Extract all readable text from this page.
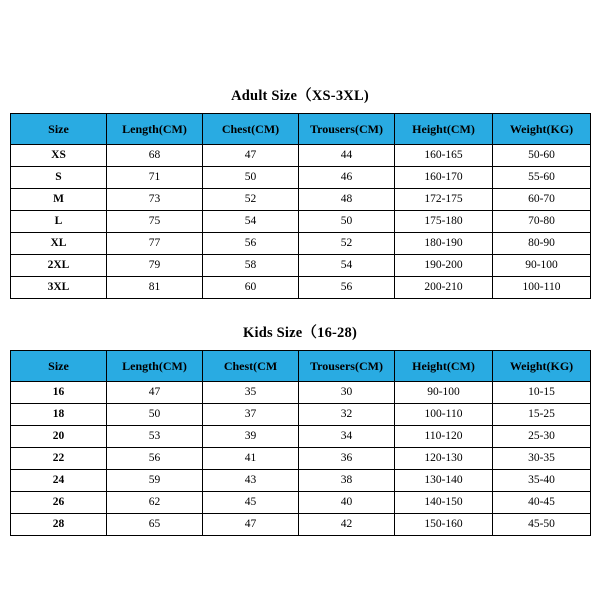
Adult Size（XS-3XL)
Size	Length(CM)	Chest(CM)	Trousers(CM)	Height(CM)	Weight(KG)
XS	68	47	44	160-165	50-60
S	71	50	46	160-170	55-60
M	73	52	48	172-175	60-70
L	75	54	50	175-180	70-80
XL	77	56	52	180-190	80-90
2XL	79	58	54	190-200	90-100
3XL	81	60	56	200-210	100-110
Kids Size（16-28)
Size	Length(CM)	Chest(CM	Trousers(CM)	Height(CM)	Weight(KG)
16	47	35	30	90-100	10-15
18	50	37	32	100-110	15-25
20	53	39	34	110-120	25-30
22	56	41	36	120-130	30-35
24	59	43	38	130-140	35-40
26	62	45	40	140-150	40-45
28	65	47	42	150-160	45-50
